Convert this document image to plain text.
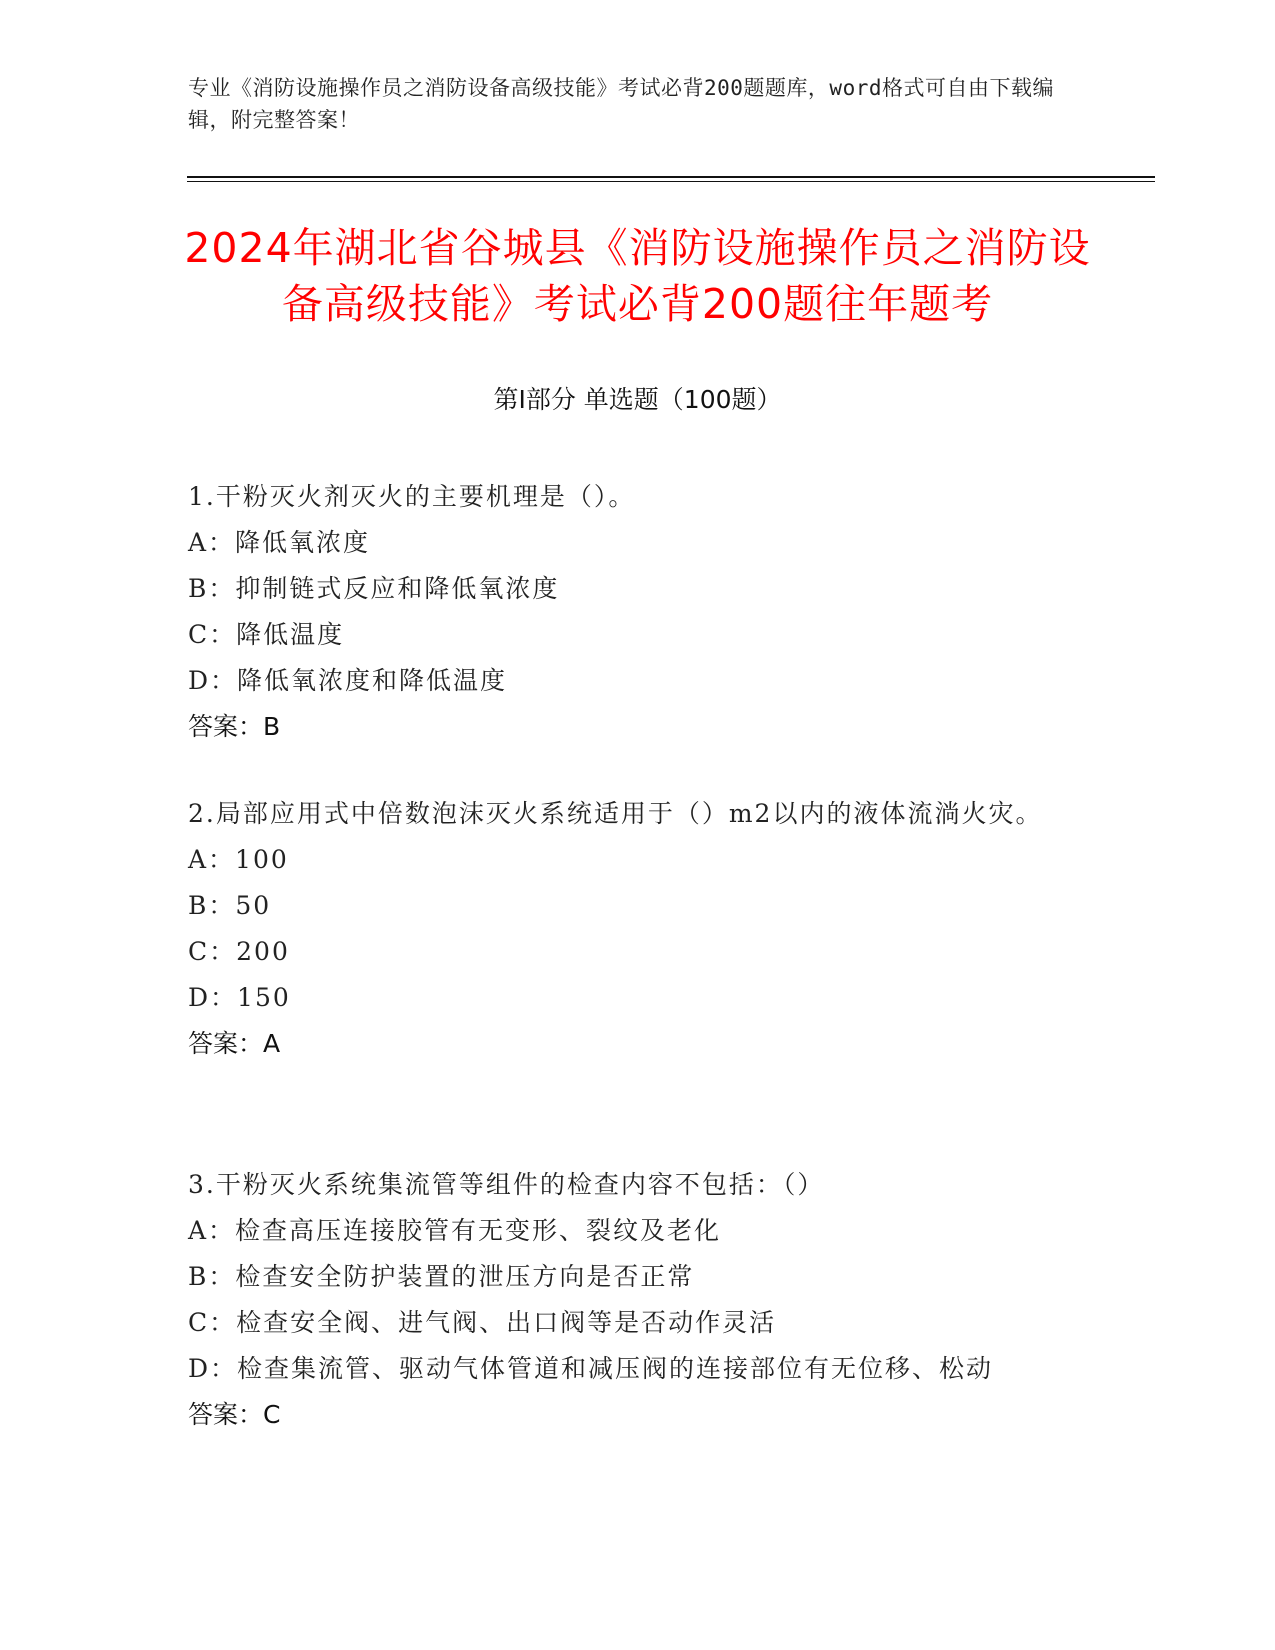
专业《消防设施操作员之消防设备高级技能》考试必背200题题库，word格式可自由下载编辑，附完整答案！
2024年湖北省谷城县《消防设施操作员之消防设备高级技能》考试必背200题往年题考
第I部分 单选题（100题）

1.干粉灭火剂灭火的主要机理是（）。

A：降低氧浓度

B：抑制链式反应和降低氧浓度

C：降低温度

D：降低氧浓度和降低温度

答案：B

2.局部应用式中倍数泡沫灭火系统适用于（）m2以内的液体流淌火灾。

A：100

B：50

C：200

D：150

答案：A

3.干粉灭火系统集流管等组件的检查内容不包括：（）

A：检查高压连接胶管有无变形、裂纹及老化

B：检查安全防护装置的泄压方向是否正常

C：检查安全阀、进气阀、出口阀等是否动作灵活

D：检查集流管、驱动气体管道和减压阀的连接部位有无位移、松动

答案：C
